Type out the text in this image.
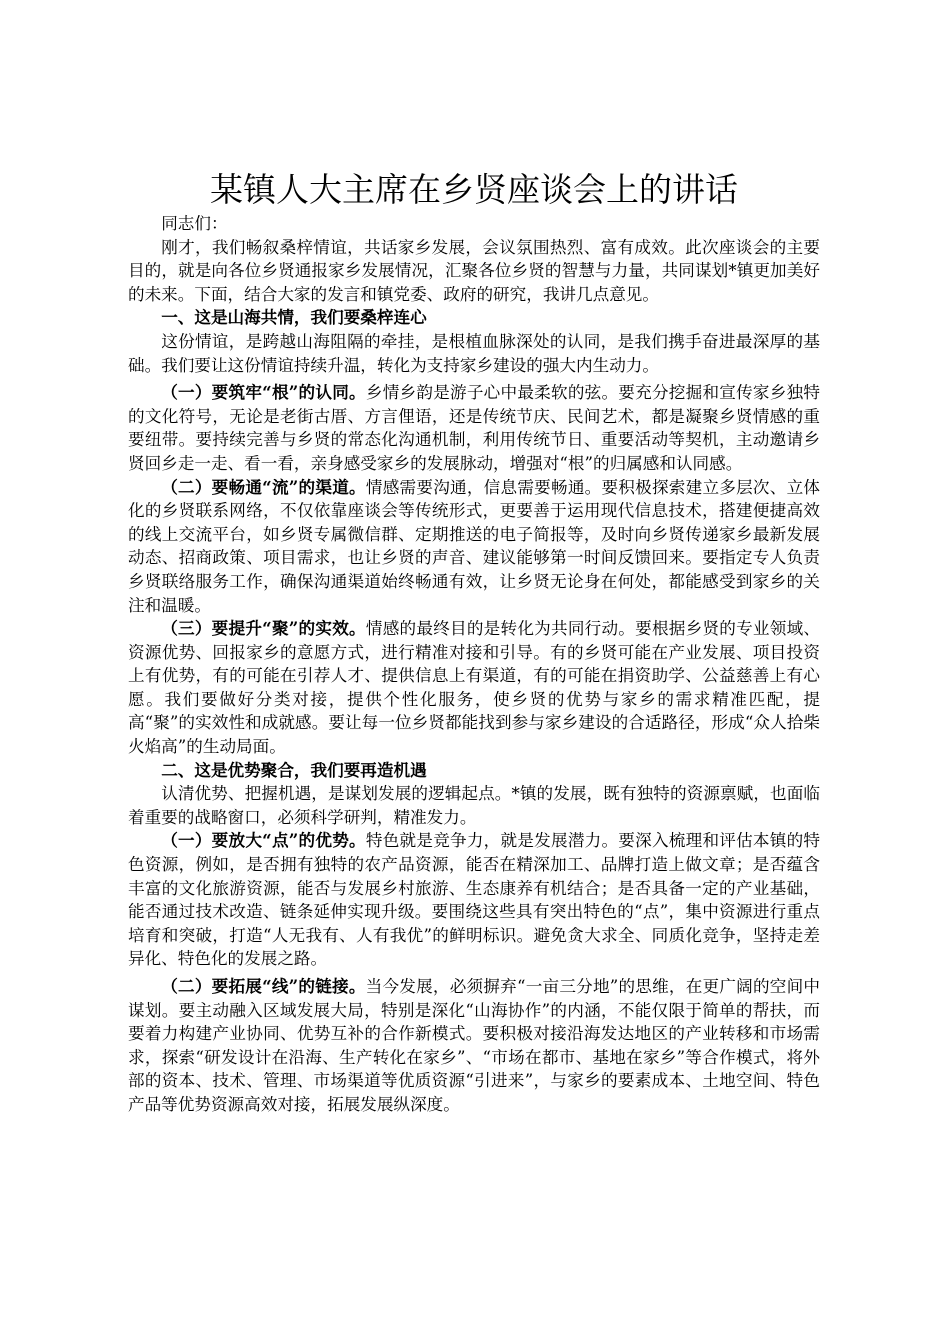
某镇人大主席在乡贤座谈会上的讲话

同志们：

刚才，我们畅叙桑梓情谊，共话家乡发展，会议氛围热烈、富有成效。此次座谈会的主要目的，就是向各位乡贤通报家乡发展情况，汇聚各位乡贤的智慧与力量，共同谋划*镇更加美好的未来。下面，结合大家的发言和镇党委、政府的研究，我讲几点意见。

一、这是山海共情，我们要桑梓连心

这份情谊，是跨越山海阻隔的牵挂，是根植血脉深处的认同，是我们携手奋进最深厚的基础。我们要让这份情谊持续升温，转化为支持家乡建设的强大内生动力。

（一）要筑牢“根”的认同。乡情乡韵是游子心中最柔软的弦。要充分挖掘和宣传家乡独特的文化符号，无论是老街古厝、方言俚语，还是传统节庆、民间艺术，都是凝聚乡贤情感的重要纽带。要持续完善与乡贤的常态化沟通机制，利用传统节日、重要活动等契机，主动邀请乡贤回乡走一走、看一看，亲身感受家乡的发展脉动，增强对“根”的归属感和认同感。

（二）要畅通“流”的渠道。情感需要沟通，信息需要畅通。要积极探索建立多层次、立体化的乡贤联系网络，不仅依靠座谈会等传统形式，更要善于运用现代信息技术，搭建便捷高效的线上交流平台，如乡贤专属微信群、定期推送的电子简报等，及时向乡贤传递家乡最新发展动态、招商政策、项目需求，也让乡贤的声音、建议能够第一时间反馈回来。要指定专人负责乡贤联络服务工作，确保沟通渠道始终畅通有效，让乡贤无论身在何处，都能感受到家乡的关注和温暖。

（三）要提升“聚”的实效。情感的最终目的是转化为共同行动。要根据乡贤的专业领域、资源优势、回报家乡的意愿方式，进行精准对接和引导。有的乡贤可能在产业发展、项目投资上有优势，有的可能在引荐人才、提供信息上有渠道，有的可能在捐资助学、公益慈善上有心愿。我们要做好分类对接，提供个性化服务，使乡贤的优势与家乡的需求精准匹配，提高“聚”的实效性和成就感。要让每一位乡贤都能找到参与家乡建设的合适路径，形成“众人拾柴火焰高”的生动局面。

二、这是优势聚合，我们要再造机遇

认清优势、把握机遇，是谋划发展的逻辑起点。*镇的发展，既有独特的资源禀赋，也面临着重要的战略窗口，必须科学研判，精准发力。

（一）要放大“点”的优势。特色就是竞争力，就是发展潜力。要深入梳理和评估本镇的特色资源，例如，是否拥有独特的农产品资源，能否在精深加工、品牌打造上做文章；是否蕴含丰富的文化旅游资源，能否与发展乡村旅游、生态康养有机结合；是否具备一定的产业基础，能否通过技术改造、链条延伸实现升级。要围绕这些具有突出特色的“点”，集中资源进行重点培育和突破，打造“人无我有、人有我优”的鲜明标识。避免贪大求全、同质化竞争，坚持走差异化、特色化的发展之路。

（二）要拓展“线”的链接。当今发展，必须摒弃“一亩三分地”的思维，在更广阔的空间中谋划。要主动融入区域发展大局，特别是深化“山海协作”的内涵，不能仅限于简单的帮扶，而要着力构建产业协同、优势互补的合作新模式。要积极对接沿海发达地区的产业转移和市场需求，探索“研发设计在沿海、生产转化在家乡”、“市场在都市、基地在家乡”等合作模式，将外部的资本、技术、管理、市场渠道等优质资源“引进来”，与家乡的要素成本、土地空间、特色产品等优势资源高效对接，拓展发展纵深度。
